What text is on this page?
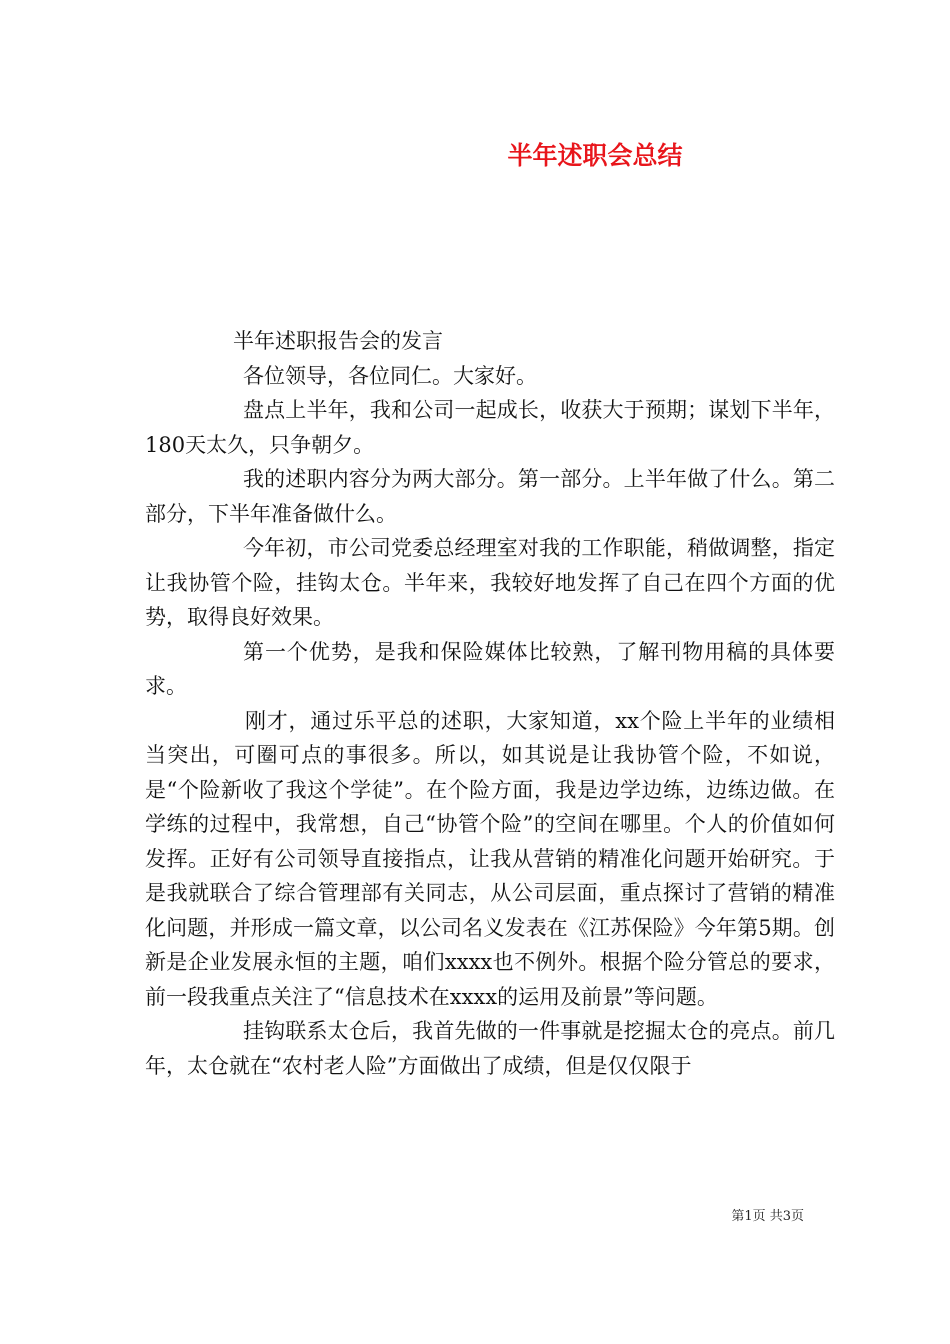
半年述职会总结

半年述职报告会的发言

各位领导，各位同仁。大家好。

盘点上半年，我和公司一起成长，收获大于预期；谋划下半年，180天太久，只争朝夕。

我的述职内容分为两大部分。第一部分。上半年做了什么。第二部分，下半年准备做什么。

今年初，市公司党委总经理室对我的工作职能，稍做调整，指定让我协管个险，挂钩太仓。半年来，我较好地发挥了自己在四个方面的优势，取得良好效果。

第一个优势，是我和保险媒体比较熟，了解刊物用稿的具体要求。

刚才，通过乐平总的述职，大家知道，xx个险上半年的业绩相当突出，可圈可点的事很多。所以，如其说是让我协管个险，不如说，是“个险新收了我这个学徒”。在个险方面，我是边学边练，边练边做。在学练的过程中，我常想，自己“协管个险”的空间在哪里。个人的价值如何发挥。正好有公司领导直接指点，让我从营销的精准化问题开始研究。于是我就联合了综合管理部有关同志，从公司层面，重点探讨了营销的精准化问题，并形成一篇文章，以公司名义发表在《江苏保险》今年第5期。创新是企业发展永恒的主题，咱们xxxx也不例外。根据个险分管总的要求，前一段我重点关注了“信息技术在xxxx的运用及前景”等问题。

挂钩联系太仓后，我首先做的一件事就是挖掘太仓的亮点。前几年，太仓就在“农村老人险”方面做出了成绩，但是仅仅限于

第1页 共3页
